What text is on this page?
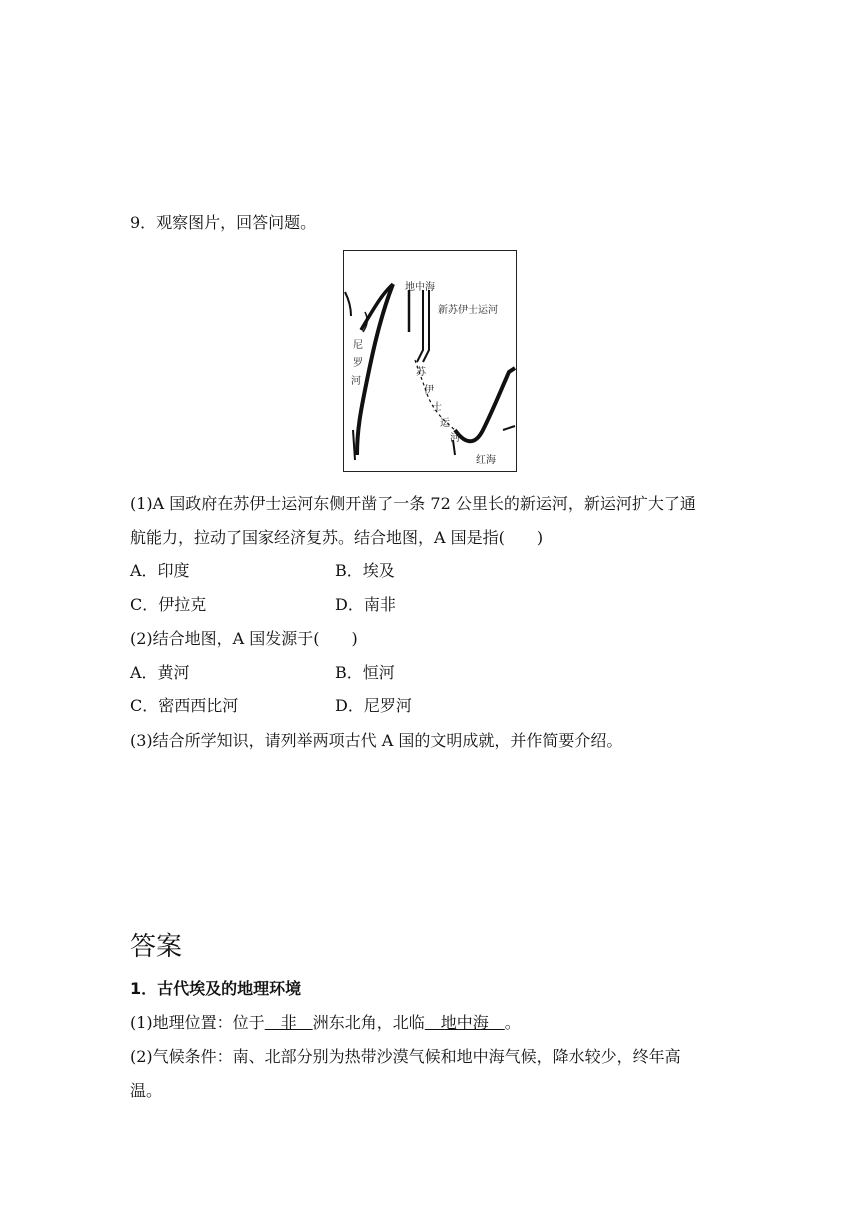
9．观察图片，回答问题。
地中海
新苏伊士运河
尼
罗
河
苏
伊
士
运
河
红海
(1)A 国政府在苏伊士运河东侧开凿了一条 72 公里长的新运河，新运河扩大了通
航能力，拉动了国家经济复苏。结合地图，A 国是指(　　)
A．印度	B．埃及
C．伊拉克	D．南非
(2)结合地图，A 国发源于(　　)
A．黄河	B．恒河
C．密西西比河	D．尼罗河
(3)结合所学知识，请列举两项古代 A 国的文明成就，并作简要介绍。
答案
1．古代埃及的地理环境
(1)地理位置：位于　非　洲东北角，北临　地中海　。
(2)气候条件：南、北部分别为热带沙漠气候和地中海气候，降水较少，终年高
温。
